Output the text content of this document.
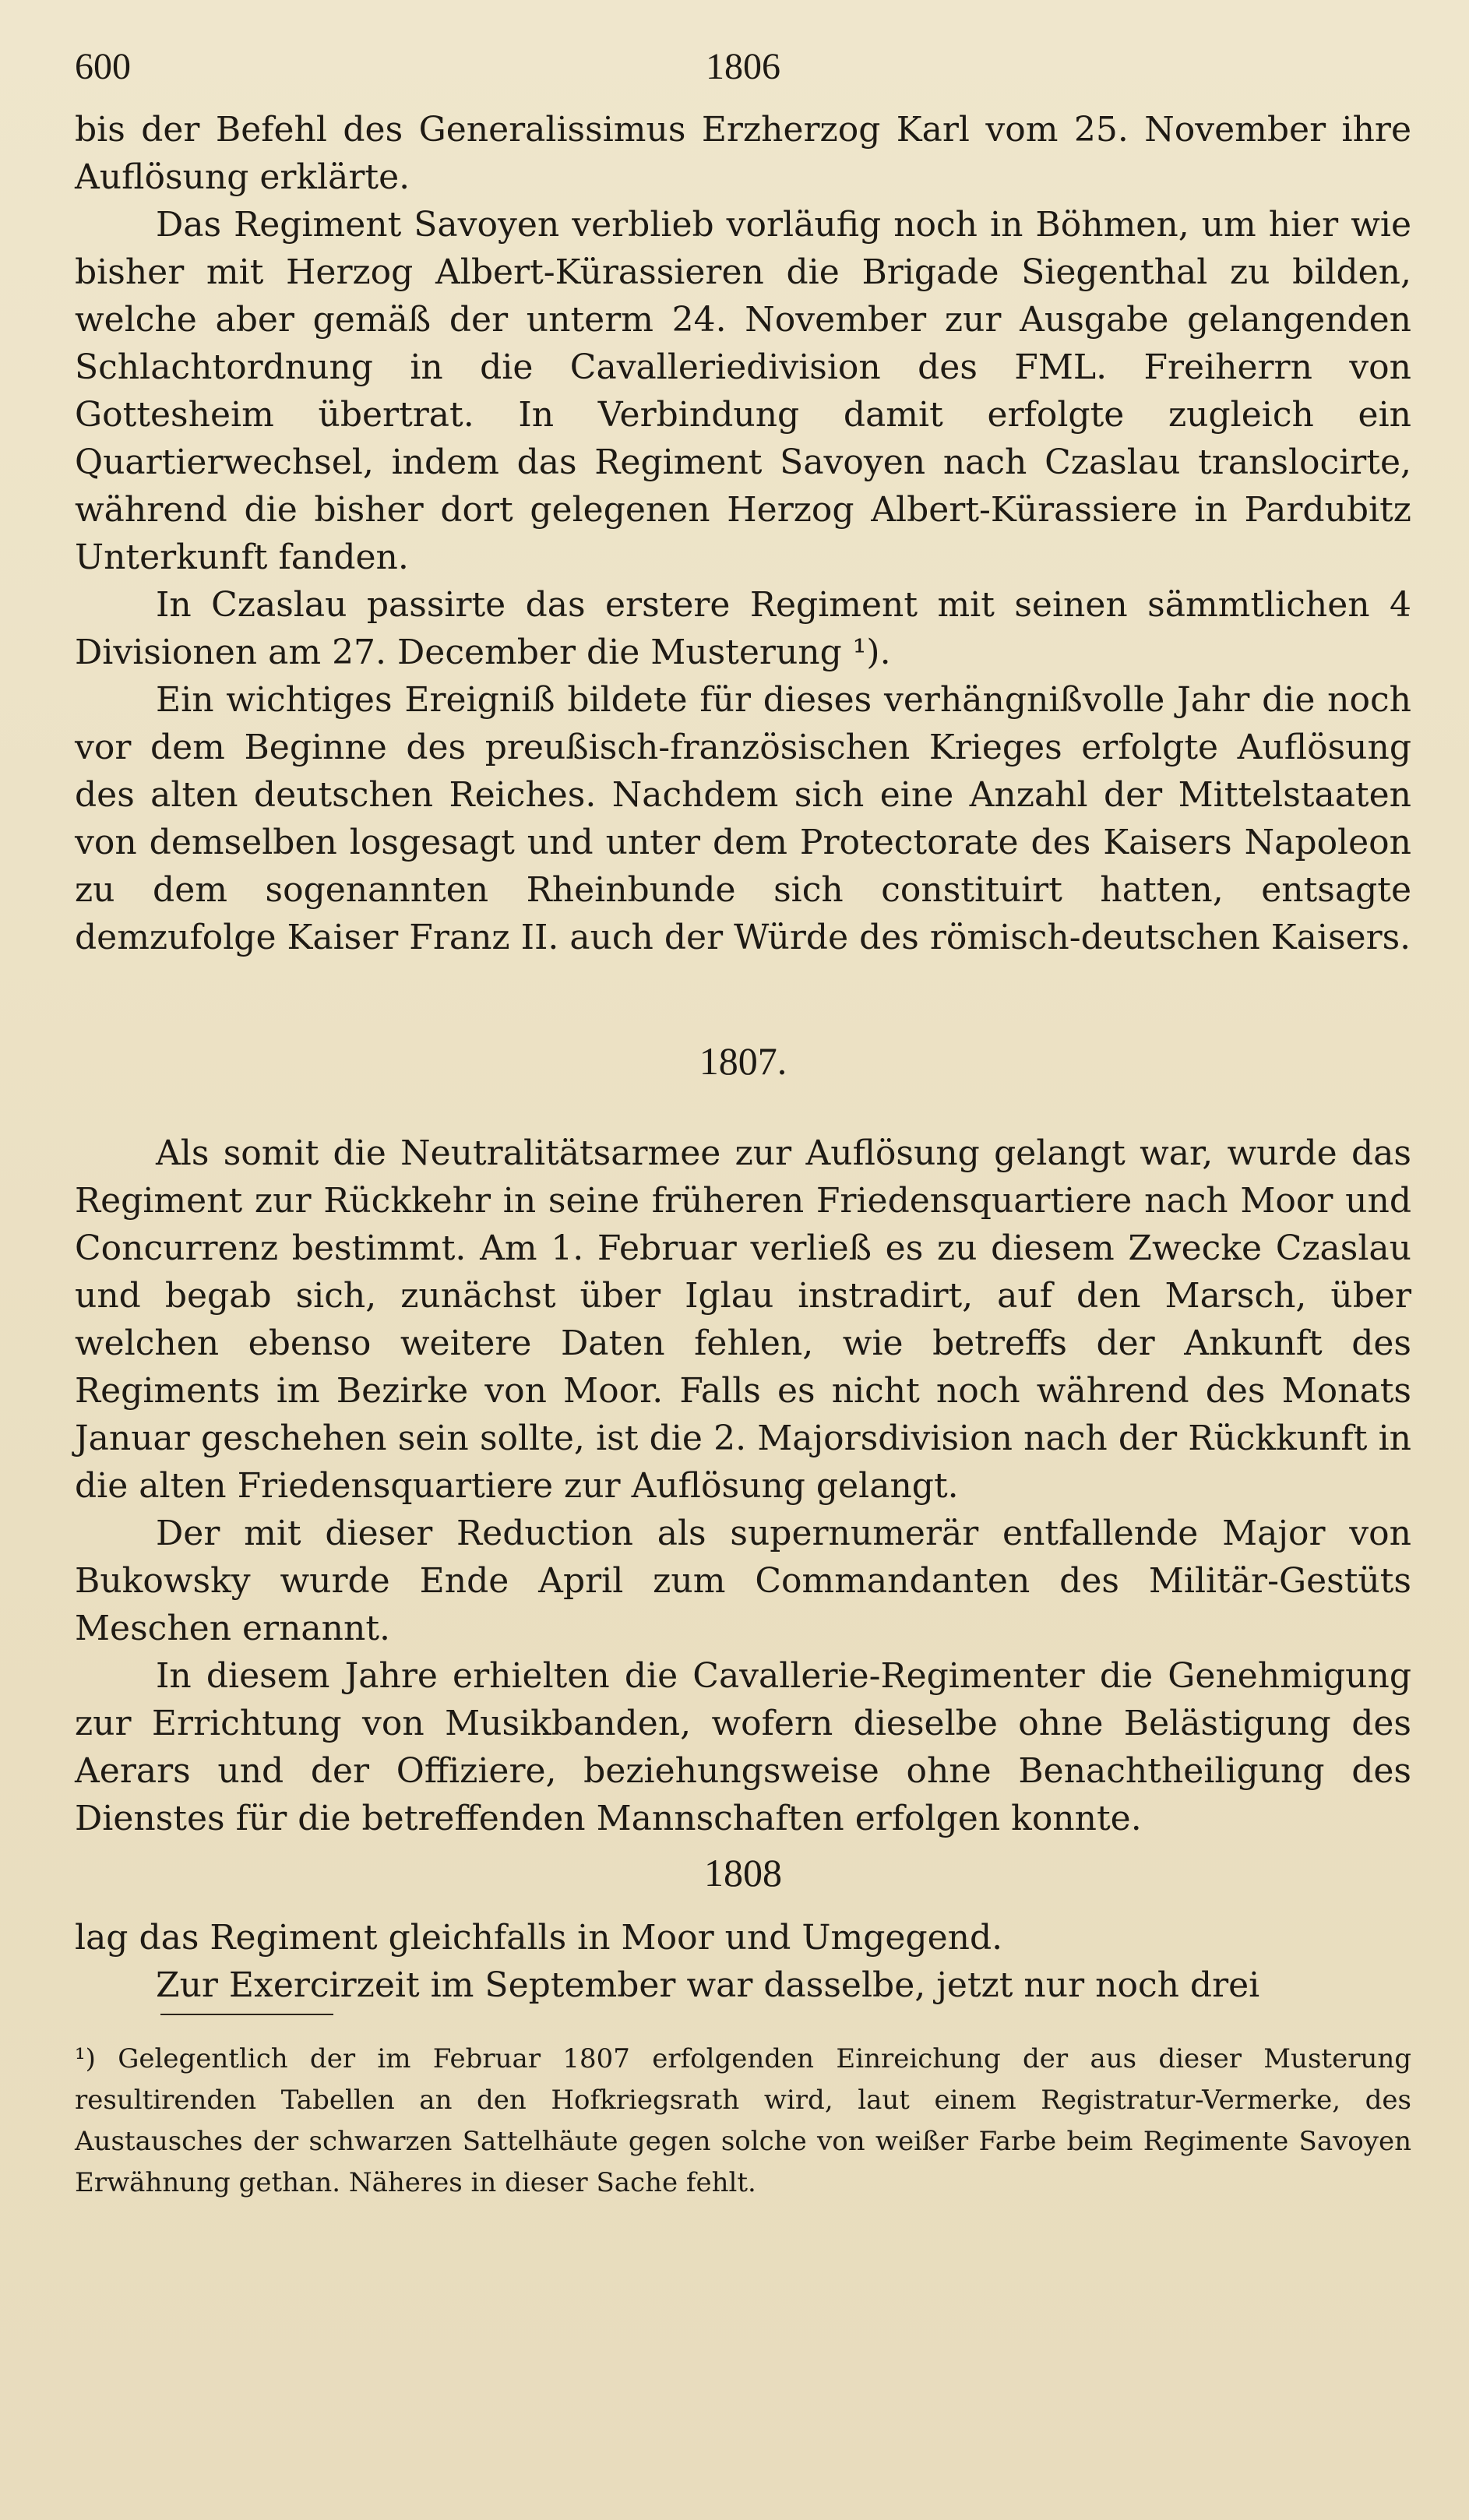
600	1806

bis der Befehl des Generalissimus Erzherzog Karl vom 25. November ihre Auflösung erklärte.

Das Regiment Savoyen verblieb vorläufig noch in Böhmen, um hier wie bisher mit Herzog Albert-Kürassieren die Brigade Siegenthal zu bilden, welche aber gemäß der unterm 24. November zur Ausgabe gelangenden Schlachtordnung in die Cavalleriedivision des FML. Freiherrn von Gottesheim übertrat. In Verbindung damit erfolgte zugleich ein Quartierwechsel, indem das Regiment Savoyen nach Czaslau translocirte, während die bisher dort gelegenen Herzog Albert-Kürassiere in Pardubitz Unterkunft fanden.

In Czaslau passirte das erstere Regiment mit seinen sämmtlichen 4 Divisionen am 27. December die Musterung ¹).

Ein wichtiges Ereigniß bildete für dieses verhängnißvolle Jahr die noch vor dem Beginne des preußisch-französischen Krieges erfolgte Auflösung des alten deutschen Reiches. Nachdem sich eine Anzahl der Mittelstaaten von demselben losgesagt und unter dem Protectorate des Kaisers Napoleon zu dem sogenannten Rheinbunde sich constituirt hatten, entsagte demzufolge Kaiser Franz II. auch der Würde des römisch-deutschen Kaisers.

1807.

Als somit die Neutralitätsarmee zur Auflösung gelangt war, wurde das Regiment zur Rückkehr in seine früheren Friedensquartiere nach Moor und Concurrenz bestimmt. Am 1. Februar verließ es zu diesem Zwecke Czaslau und begab sich, zunächst über Iglau instradirt, auf den Marsch, über welchen ebenso weitere Daten fehlen, wie betreffs der Ankunft des Regiments im Bezirke von Moor. Falls es nicht noch während des Monats Januar geschehen sein sollte, ist die 2. Majorsdivision nach der Rückkunft in die alten Friedensquartiere zur Auflösung gelangt.

Der mit dieser Reduction als supernumerär entfallende Major von Bukowsky wurde Ende April zum Commandanten des Militär-Gestüts Meschen ernannt.

In diesem Jahre erhielten die Cavallerie-Regimenter die Genehmigung zur Errichtung von Musikbanden, wofern dieselbe ohne Belästigung des Aerars und der Offiziere, beziehungsweise ohne Benachtheiligung des Dienstes für die betreffenden Mannschaften erfolgen konnte.

1808

lag das Regiment gleichfalls in Moor und Umgegend.

Zur Exercirzeit im September war dasselbe, jetzt nur noch drei

¹) Gelegentlich der im Februar 1807 erfolgenden Einreichung der aus dieser Musterung resultirenden Tabellen an den Hofkriegsrath wird, laut einem Registratur-Vermerke, des Austausches der schwarzen Sattelhäute gegen solche von weißer Farbe beim Regimente Savoyen Erwähnung gethan. Näheres in dieser Sache fehlt.
